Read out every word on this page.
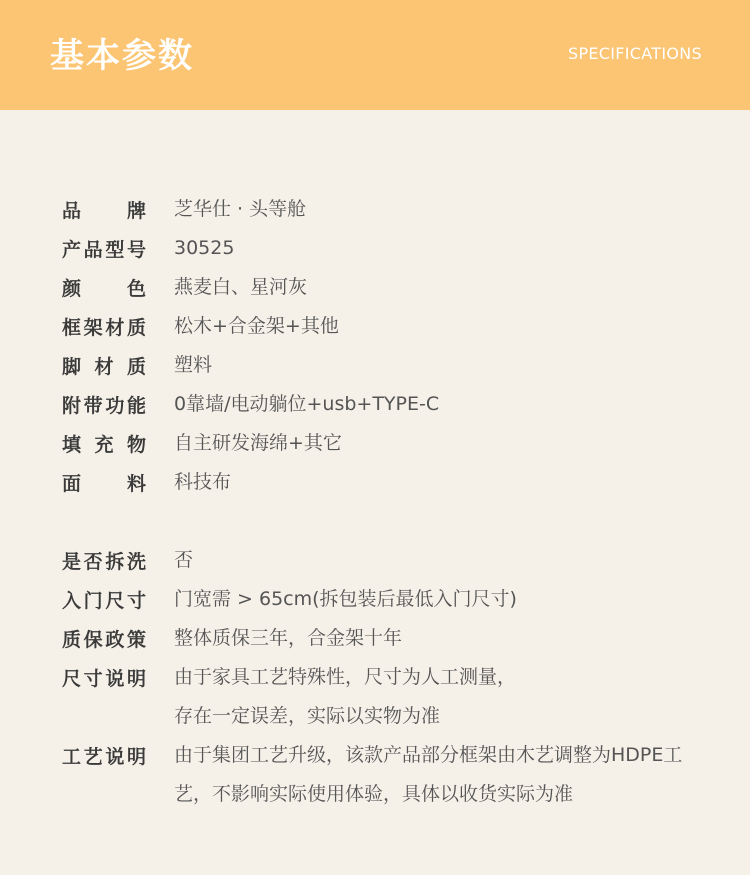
基本参数	SPECIFICATIONS
品 牌 芝华仕 · 头等舱
产 品 型 号 30525
颜 色 燕麦白、星河灰
框 架 材 质 松木+合金架+其他
脚 材 质 塑料
附 带 功 能 0靠墙/电动躺位+usb+TYPE-C
填 充 物 自主研发海绵+其它
面 料 科技布
是 否 拆 洗 否
入 门 尺 寸 门宽需 > 65cm(拆包装后最低入门尺寸)
质 保 政 策 整体质保三年，合金架十年
尺 寸 说 明 由于家具工艺特殊性，尺寸为人工测量，
存在一定误差，实际以实物为准
工 艺 说 明 由于集团工艺升级，该款产品部分框架由木艺调整为HDPE工
艺，不影响实际使用体验，具体以收货实际为准
